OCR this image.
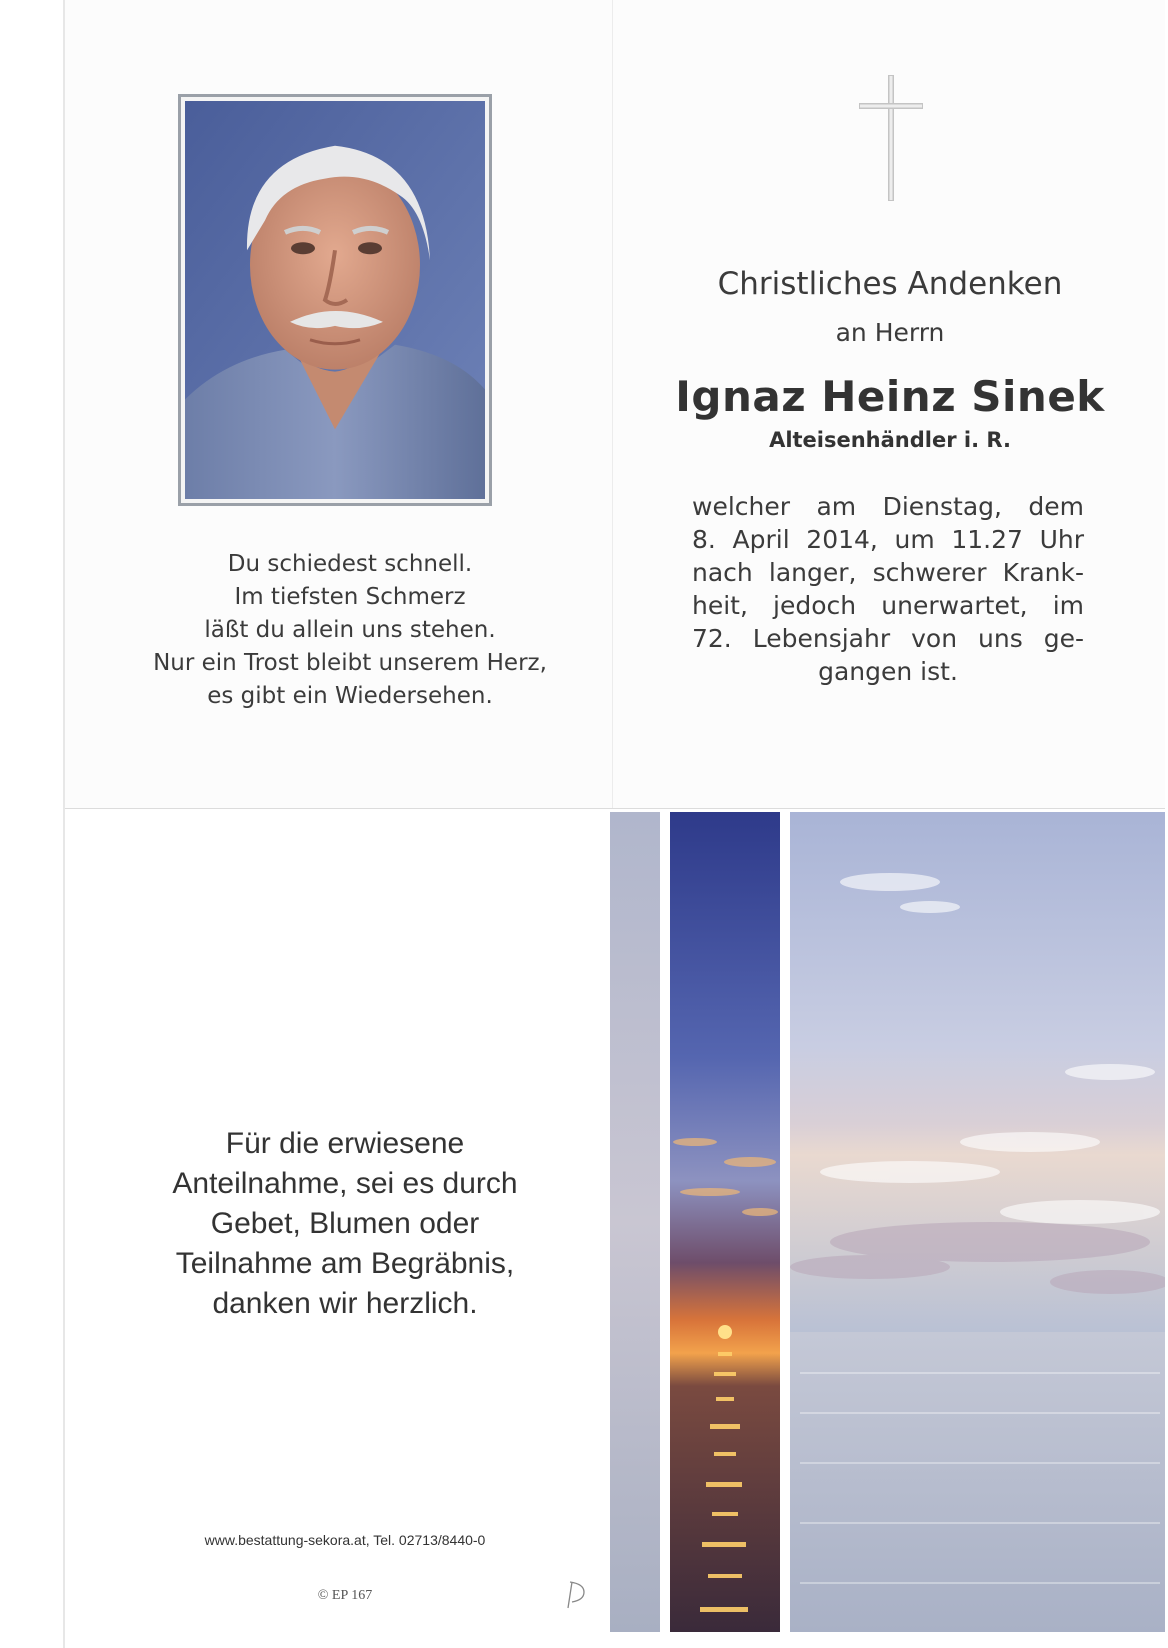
Du schiedest schnell.
Im tiefsten Schmerz
läßt du allein uns stehen.
Nur ein Trost bleibt unserem Herz,
es gibt ein Wiedersehen.
Christliches Andenken
an Herrn
Ignaz Heinz Sinek
Alteisenhändler i. R.
welcher am Dienstag, dem
8. April 2014, um 11.27 Uhr
nach langer, schwerer Krank-
heit, jedoch unerwartet, im
72. Lebensjahr von uns ge-
gangen ist.
Für die erwiesene
Anteilnahme, sei es durch
Gebet, Blumen oder
Teilnahme am Begräbnis,
danken wir herzlich.
www.bestattung-sekora.at, Tel. 02713/8440-0
© EP 167
